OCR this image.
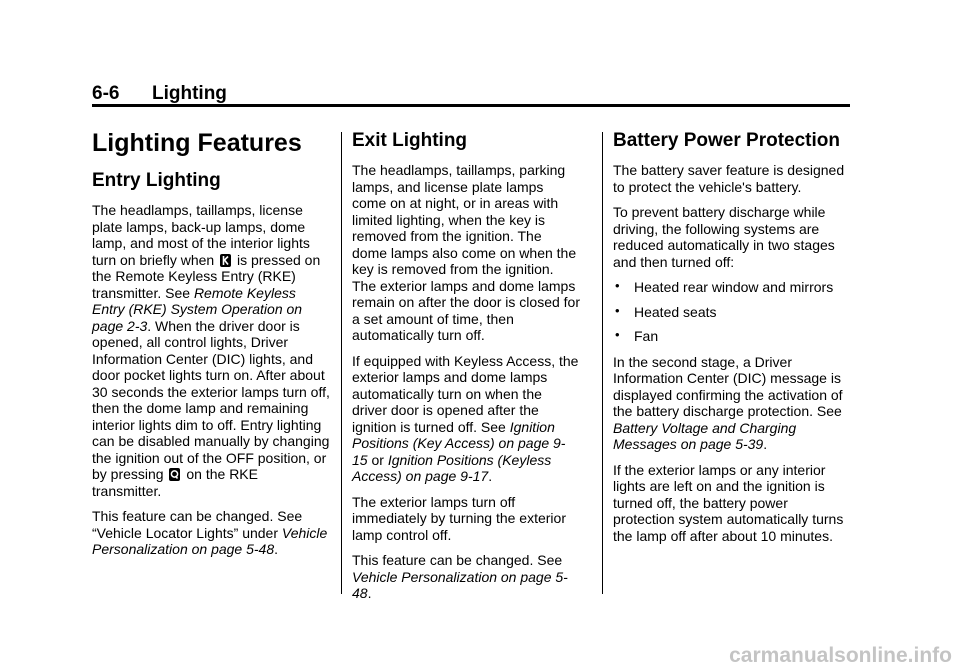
6-6 Lighting
Lighting Features
Entry Lighting

The headlamps, taillamps, license plate lamps, back-up lamps, dome lamp, and most of the interior lights turn on briefly when is pressed on the Remote Keyless Entry (RKE) transmitter. See Remote Keyless Entry (RKE) System Operation on page 2-3. When the driver door is opened, all control lights, Driver Information Center (DIC) lights, and door pocket lights turn on. After about 30 seconds the exterior lamps turn off, then the dome lamp and remaining interior lights dim to off. Entry lighting can be disabled manually by changing the ignition out of the OFF position, or by pressing on the RKE transmitter.

This feature can be changed. See “Vehicle Locator Lights” under Vehicle Personalization on page 5-48.

Exit Lighting

The headlamps, taillamps, parking lamps, and license plate lamps come on at night, or in areas with limited lighting, when the key is removed from the ignition. The dome lamps also come on when the key is removed from the ignition. The exterior lamps and dome lamps remain on after the door is closed for a set amount of time, then automatically turn off.

If equipped with Keyless Access, the exterior lamps and dome lamps automatically turn on when the driver door is opened after the ignition is turned off. See Ignition Positions (Key Access) on page 9-15 or Ignition Positions (Keyless Access) on page 9-17.

The exterior lamps turn off immediately by turning the exterior lamp control off.

This feature can be changed. See Vehicle Personalization on page 5-48.

Battery Power Protection

The battery saver feature is designed to protect the vehicle's battery.

To prevent battery discharge while driving, the following systems are reduced automatically in two stages and then turned off:

• Heated rear window and mirrors
• Heated seats
• Fan

In the second stage, a Driver Information Center (DIC) message is displayed confirming the activation of the battery discharge protection. See Battery Voltage and Charging Messages on page 5-39.

If the exterior lamps or any interior lights are left on and the ignition is turned off, the battery power protection system automatically turns the lamp off after about 10 minutes.

carmanualsonline.info
